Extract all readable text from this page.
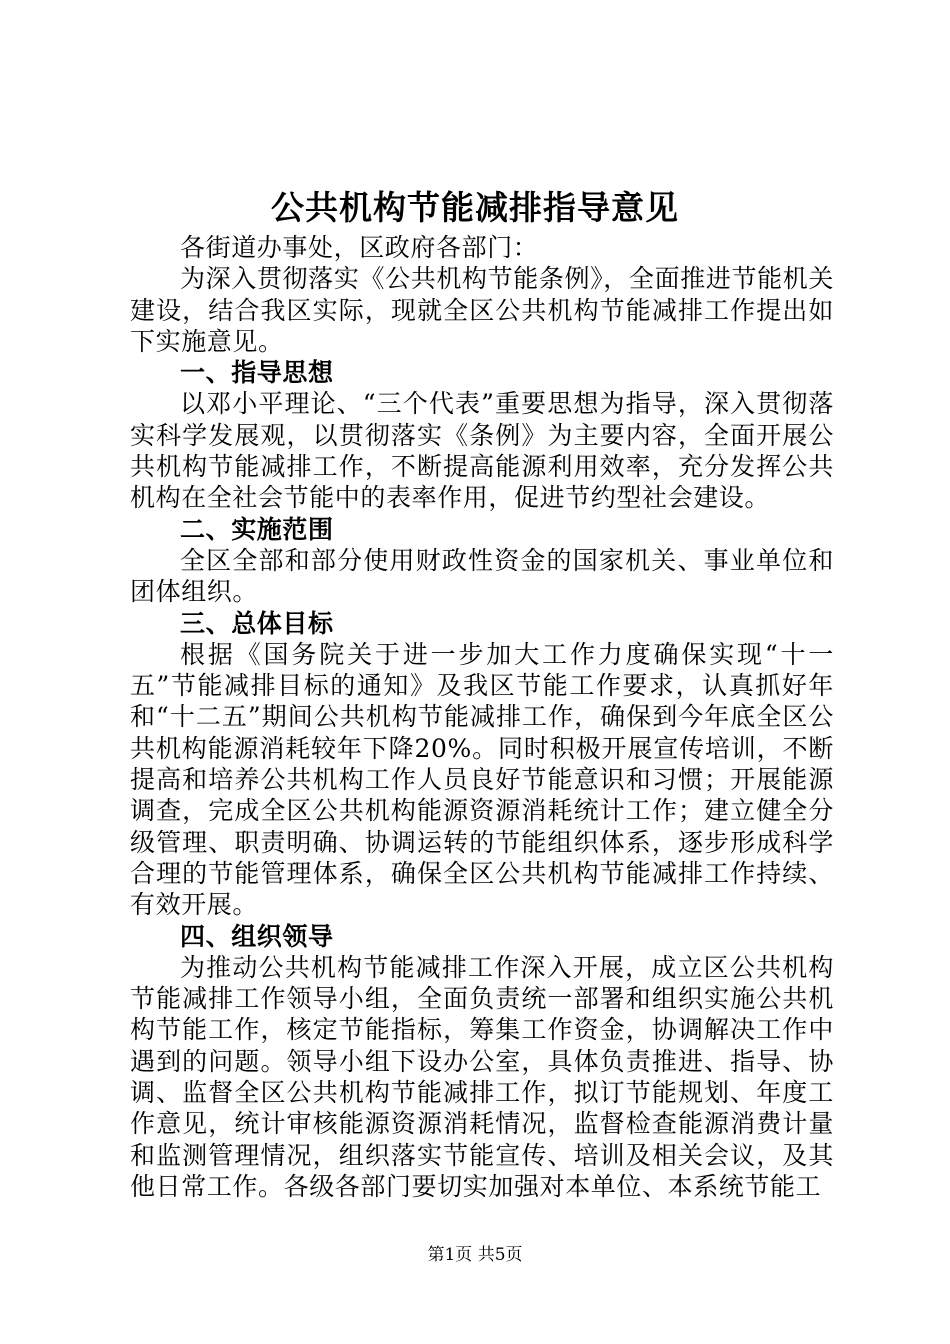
公共机构节能减排指导意见

各街道办事处，区政府各部门：

为深入贯彻落实《公共机构节能条例》，全面推进节能机关建设，结合我区实际，现就全区公共机构节能减排工作提出如下实施意见。

一、指导思想

以邓小平理论、“三个代表”重要思想为指导，深入贯彻落实科学发展观，以贯彻落实《条例》为主要内容，全面开展公共机构节能减排工作，不断提高能源利用效率，充分发挥公共机构在全社会节能中的表率作用，促进节约型社会建设。

二、实施范围

全区全部和部分使用财政性资金的国家机关、事业单位和团体组织。

三、总体目标

根据《国务院关于进一步加大工作力度确保实现“十一五”节能减排目标的通知》及我区节能工作要求，认真抓好年和“十二五”期间公共机构节能减排工作，确保到今年底全区公共机构能源消耗较年下降20%。同时积极开展宣传培训，不断提高和培养公共机构工作人员良好节能意识和习惯；开展能源调查，完成全区公共机构能源资源消耗统计工作；建立健全分级管理、职责明确、协调运转的节能组织体系，逐步形成科学合理的节能管理体系，确保全区公共机构节能减排工作持续、有效开展。

四、组织领导

为推动公共机构节能减排工作深入开展，成立区公共机构节能减排工作领导小组，全面负责统一部署和组织实施公共机构节能工作，核定节能指标，筹集工作资金，协调解决工作中遇到的问题。领导小组下设办公室，具体负责推进、指导、协调、监督全区公共机构节能减排工作，拟订节能规划、年度工作意见，统计审核能源资源消耗情况，监督检查能源消费计量和监测管理情况，组织落实节能宣传、培训及相关会议，及其他日常工作。各级各部门要切实加强对本单位、本系统节能工

第1页 共5页
